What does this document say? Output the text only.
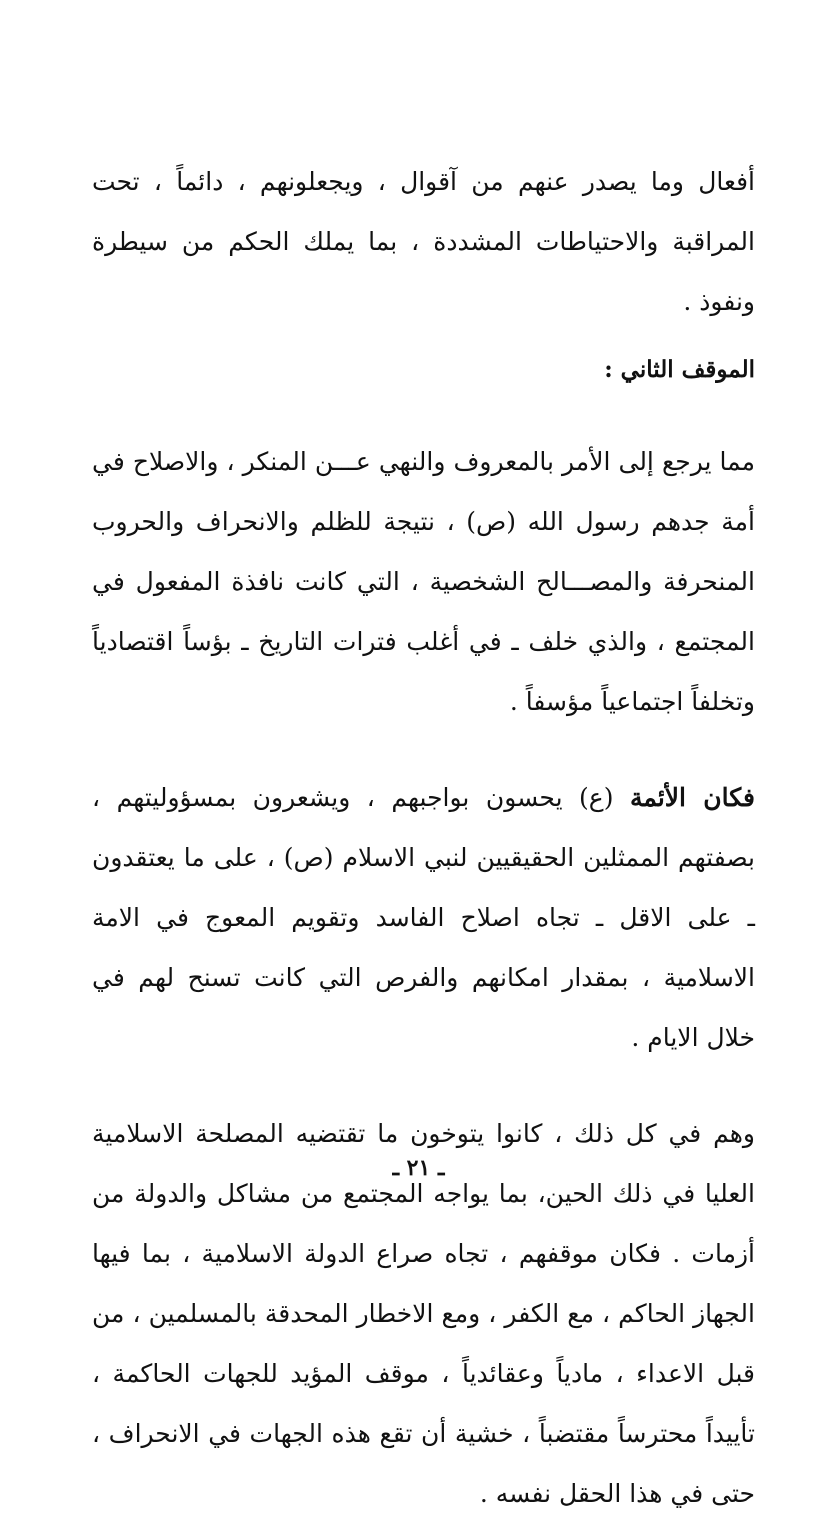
أفعال وما يصدر عنهم من آقوال ، ويجعلونهم ، دائماً ، تحت المراقبة والاحتياطات المشددة ، بما يملك الحكم من سيطرة ونفوذ .

الموقف الثاني :

مما يرجع إلى الأمر بالمعروف والنهي عـــن المنكر ، والاصلاح في أمة جدهم رسول الله (ص) ، نتيجة للظلم والانحراف والحروب المنحرفة والمصـــالح الشخصية ، التي كانت نافذة المفعول في المجتمع ، والذي خلف ـ في أغلب فترات التاريخ ـ بؤساً اقتصادياً وتخلفاً اجتماعياً مؤسفاً .

فكان الأئمة (ع) يحسون بواجبهم ، ويشعرون بمسؤوليتهم ، بصفتهم الممثلين الحقيقيين لنبي الاسلام (ص) ، على ما يعتقدون ـ على الاقل ـ تجاه اصلاح الفاسد وتقويم المعوج في الامة الاسلامية ، بمقدار امكانهم والفرص التي كانت تسنح لهم في خلال الايام .

وهم في كل ذلك ، كانوا يتوخون ما تقتضيه المصلحة الاسلامية العليا في ذلك الحين، بما يواجه المجتمع من مشاكل والدولة من أزمات . فكان موقفهم ، تجاه صراع الدولة الاسلامية ، بما فيها الجهاز الحاكم ، مع الكفر ، ومع الاخطار المحدقة بالمسلمين ، من قبل الاعداء ، مادياً وعقائدياً ، موقف المؤيد للجهات الحاكمة ، تأييداً محترساً مقتضباً ، خشية أن تقع هذه الجهات في الانحراف ، حتى في هذا الحقل نفسه .

ـ ٢١ ـ
